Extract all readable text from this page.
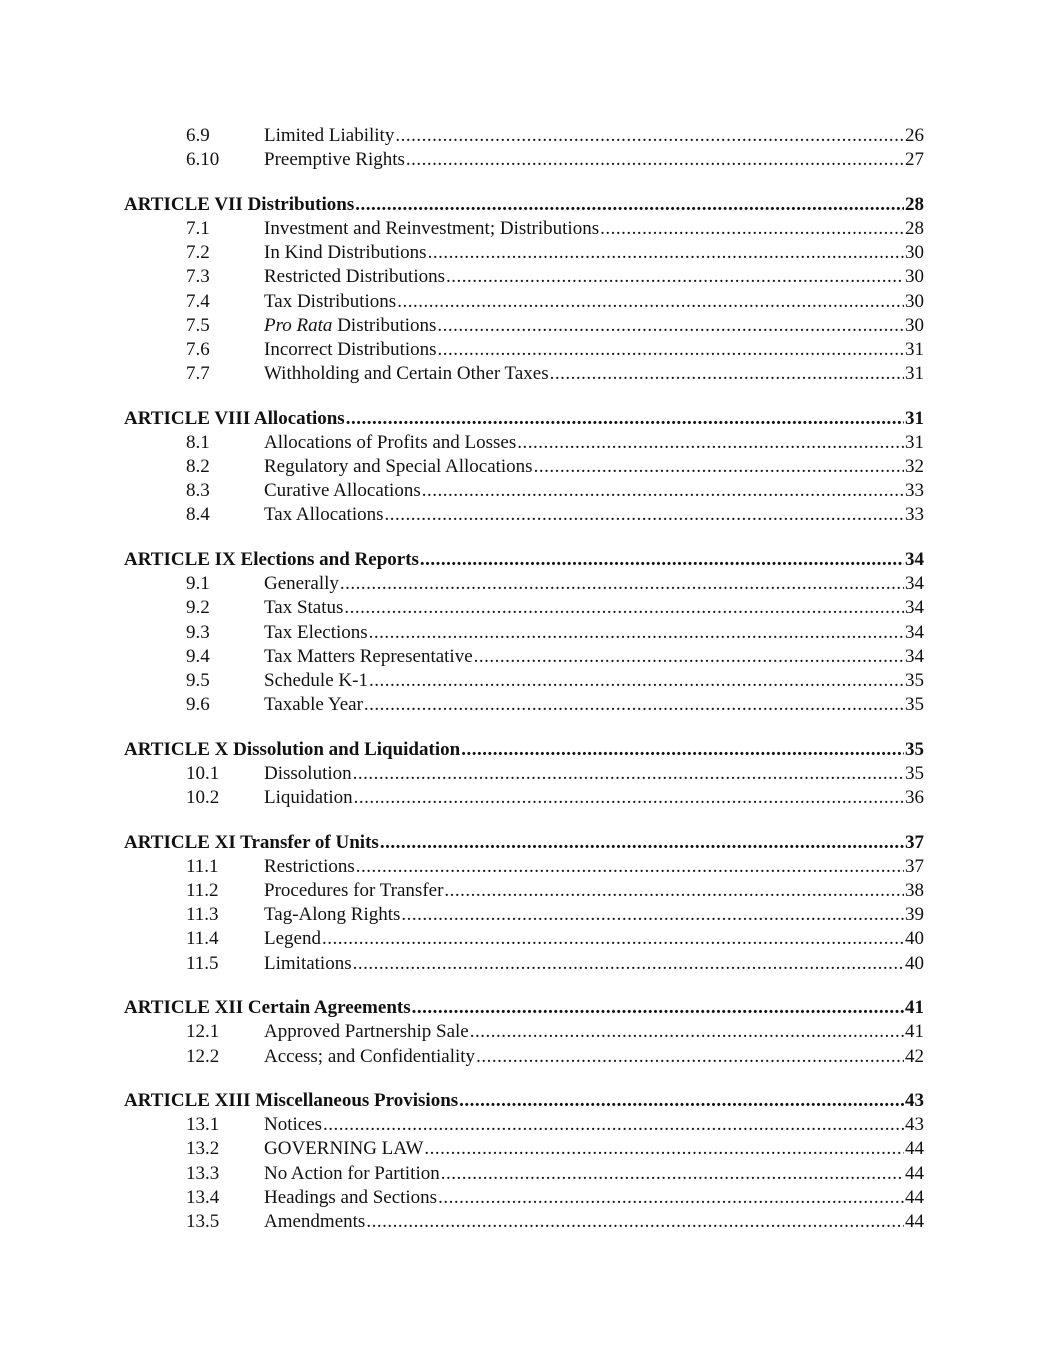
6.9	Limited Liability .....	26
6.10	Preemptive Rights .....	27
ARTICLE VII Distributions .....	28
7.1	Investment and Reinvestment; Distributions .....	28
7.2	In Kind Distributions .....	30
7.3	Restricted Distributions .....	30
7.4	Tax Distributions .....	30
7.5	Pro Rata Distributions .....	30
7.6	Incorrect Distributions .....	31
7.7	Withholding and Certain Other Taxes .....	31
ARTICLE VIII Allocations .....	31
8.1	Allocations of Profits and Losses .....	31
8.2	Regulatory and Special Allocations .....	32
8.3	Curative Allocations .....	33
8.4	Tax Allocations .....	33
ARTICLE IX Elections and Reports .....	34
9.1	Generally .....	34
9.2	Tax Status .....	34
9.3	Tax Elections .....	34
9.4	Tax Matters Representative .....	34
9.5	Schedule K-1 .....	35
9.6	Taxable Year .....	35
ARTICLE X Dissolution and Liquidation .....	35
10.1	Dissolution .....	35
10.2	Liquidation .....	36
ARTICLE XI Transfer of Units .....	37
11.1	Restrictions .....	37
11.2	Procedures for Transfer .....	38
11.3	Tag-Along Rights .....	39
11.4	Legend .....	40
11.5	Limitations .....	40
ARTICLE XII Certain Agreements .....	41
12.1	Approved Partnership Sale .....	41
12.2	Access; and Confidentiality .....	42
ARTICLE XIII Miscellaneous Provisions .....	43
13.1	Notices .....	43
13.2	GOVERNING LAW .....	44
13.3	No Action for Partition .....	44
13.4	Headings and Sections .....	44
13.5	Amendments .....	44
